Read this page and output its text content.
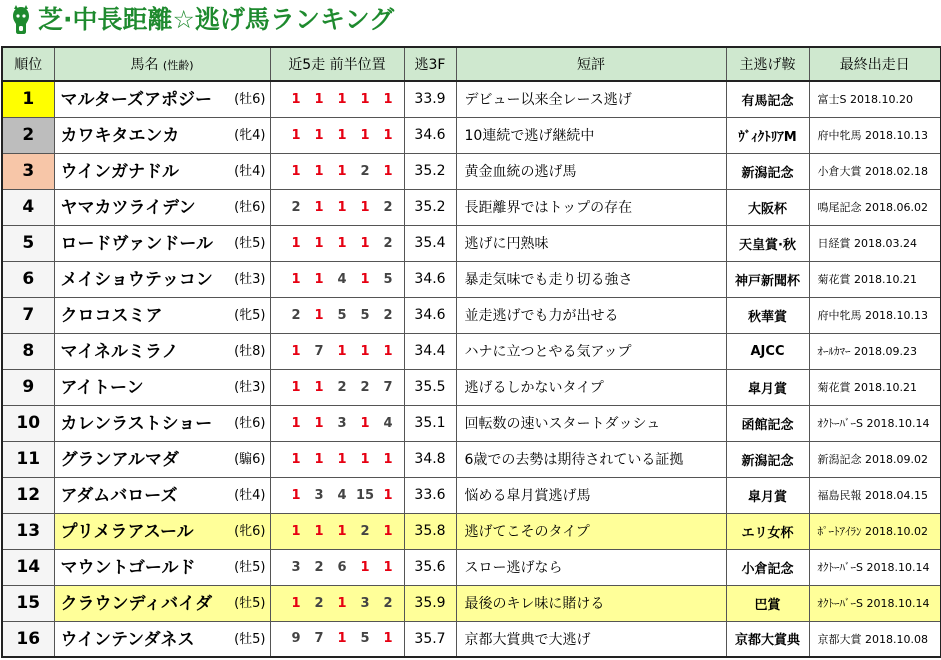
芝·中長距離☆逃げ馬ランキング
順位	馬名 (性齢)	近5走 前半位置	逃3F	短評	主逃げ鞍	最終出走日
1	マルターズアポジー (牡6)	1 1 1 1 1	33.9	デビュー以来全レース逃げ	有馬記念	富士S 2018.10.20
2	カワキタエンカ (牝4)	1 1 1 1 1	34.6	10連続で逃げ継続中	ｳﾞｨｸﾄﾘｱM	府中牝馬 2018.10.13
3	ウインガナドル (牡4)	1 1 1 2 1	35.2	黄金血統の逃げ馬	新潟記念	小倉大賞 2018.02.18
4	ヤマカツライデン (牡6)	2 1 1 1 2	35.2	長距離界ではトップの存在	大阪杯	鳴尾記念 2018.06.02
5	ロードヴァンドール (牡5)	1 1 1 1 2	35.4	逃げに円熟味	天皇賞·秋	日経賞 2018.03.24
6	メイショウテッコン (牡3)	1 1 4 1 5	34.6	暴走気味でも走り切る強さ	神戸新聞杯	菊花賞 2018.10.21
7	クロコスミア (牝5)	2 1 5 5 2	34.6	並走逃げでも力が出せる	秋華賞	府中牝馬 2018.10.13
8	マイネルミラノ (牡8)	1 7 1 1 1	34.4	ハナに立つとやる気アップ	AJCC	ｵｰﾙｶﾏｰ 2018.09.23
9	アイトーン (牡3)	1 1 2 2 7	35.5	逃げるしかないタイプ	皐月賞	菊花賞 2018.10.21
10	カレンラストショー (牡6)	1 1 3 1 4	35.1	回転数の速いスタートダッシュ	函館記念	ｵｸﾄｰﾊﾞｰS 2018.10.14
11	グランアルマダ (騸6)	1 1 1 1 1	34.8	6歳での去勢は期待されている証拠	新潟記念	新潟記念 2018.09.02
12	アダムバローズ (牡4)	1 3 4 15 1	33.6	悩める皐月賞逃げ馬	皐月賞	福島民報 2018.04.15
13	プリメラアスール (牝6)	1 1 1 2 1	35.8	逃げてこそのタイプ	エリ女杯	ﾎﾟｰﾄｱｲﾗﾝ 2018.10.02
14	マウントゴールド (牡5)	3 2 6 1 1	35.6	スロー逃げなら	小倉記念	ｵｸﾄｰﾊﾞｰS 2018.10.14
15	クラウンディバイダ (牡5)	1 2 1 3 2	35.9	最後のキレ味に賭ける	巴賞	ｵｸﾄｰﾊﾞｰS 2018.10.14
16	ウインテンダネス (牡5)	9 7 1 5 1	35.7	京都大賞典で大逃げ	京都大賞典	京都大賞 2018.10.08
